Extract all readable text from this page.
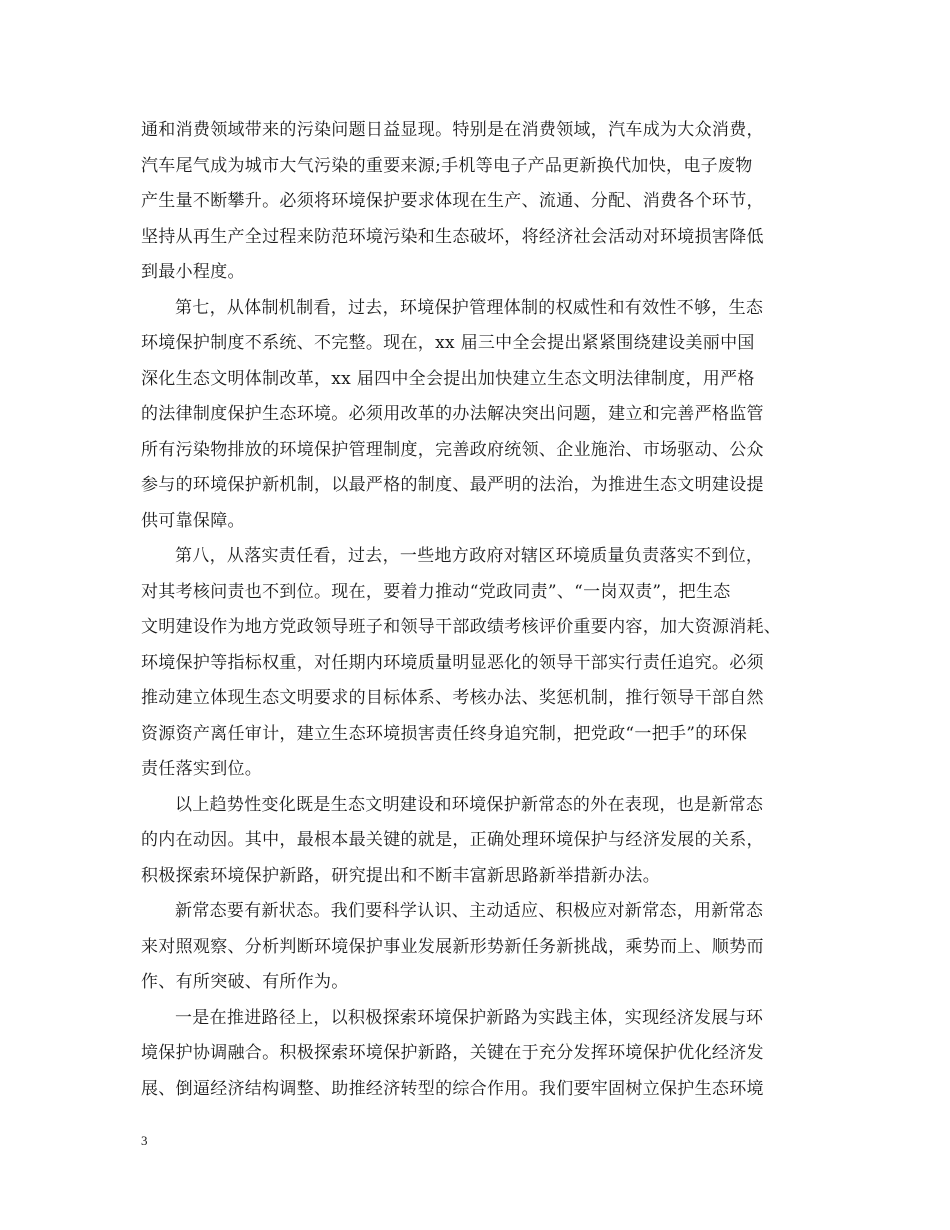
通和消费领域带来的污染问题日益显现。特别是在消费领域，汽车成为大众消费，
汽车尾气成为城市大气污染的重要来源;手机等电子产品更新换代加快，电子废物
产生量不断攀升。必须将环境保护要求体现在生产、流通、分配、消费各个环节，
坚持从再生产全过程来防范环境污染和生态破坏，将经济社会活动对环境损害降低
到最小程度。
第七，从体制机制看，过去，环境保护管理体制的权威性和有效性不够，生态
环境保护制度不系统、不完整。现在，xx 届三中全会提出紧紧围绕建设美丽中国
深化生态文明体制改革，xx 届四中全会提出加快建立生态文明法律制度，用严格
的法律制度保护生态环境。必须用改革的办法解决突出问题，建立和完善严格监管
所有污染物排放的环境保护管理制度，完善政府统领、企业施治、市场驱动、公众
参与的环境保护新机制，以最严格的制度、最严明的法治，为推进生态文明建设提
供可靠保障。
第八，从落实责任看，过去，一些地方政府对辖区环境质量负责落实不到位，
对其考核问责也不到位。现在，要着力推动“党政同责”、“一岗双责”，把生态
文明建设作为地方党政领导班子和领导干部政绩考核评价重要内容，加大资源消耗、
环境保护等指标权重，对任期内环境质量明显恶化的领导干部实行责任追究。必须
推动建立体现生态文明要求的目标体系、考核办法、奖惩机制，推行领导干部自然
资源资产离任审计，建立生态环境损害责任终身追究制，把党政“一把手”的环保
责任落实到位。
以上趋势性变化既是生态文明建设和环境保护新常态的外在表现，也是新常态
的内在动因。其中，最根本最关键的就是，正确处理环境保护与经济发展的关系，
积极探索环境保护新路，研究提出和不断丰富新思路新举措新办法。
新常态要有新状态。我们要科学认识、主动适应、积极应对新常态，用新常态
来对照观察、分析判断环境保护事业发展新形势新任务新挑战，乘势而上、顺势而
作、有所突破、有所作为。
一是在推进路径上，以积极探索环境保护新路为实践主体，实现经济发展与环
境保护协调融合。积极探索环境保护新路，关键在于充分发挥环境保护优化经济发
展、倒逼经济结构调整、助推经济转型的综合作用。我们要牢固树立保护生态环境
3
